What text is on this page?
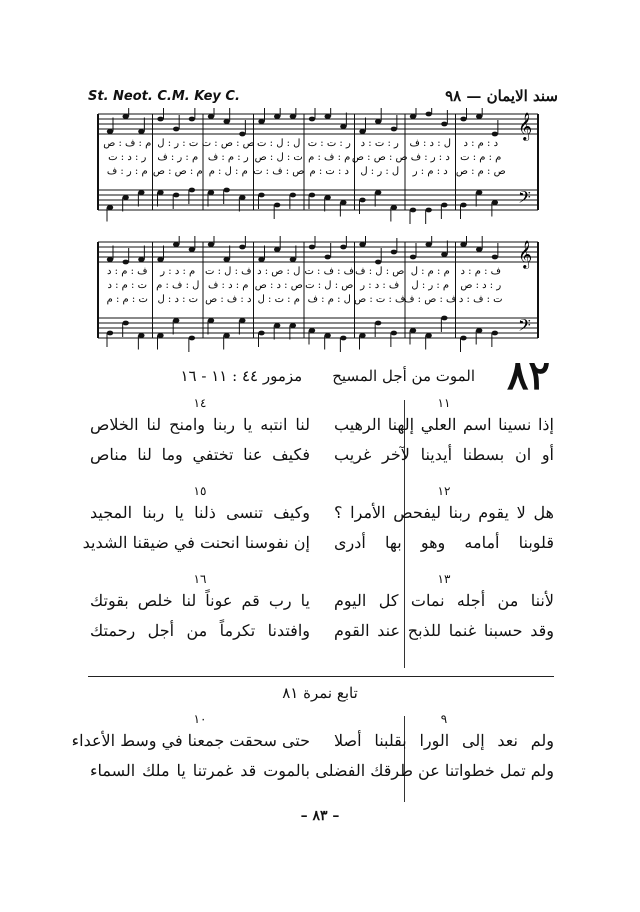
St. Neot. C.M. Key C.	سند الايمان — ٩٨
𝄞
𝄢
م : ف : ص
ر : د : ت
م : ر : ف
ت : ر : ل
م : ر : ف
م : ص : ص
ص : ص : ت
ر : م : ف
م : ل : م
ل : ل : ت
ت : ل : ص
ص : ف : ت
ر : ت : ت
م : ف : م
د : ت : م
ر : ت : د
ص : ص : ص
ل : ر : ل
ل : د : ف
د : ر : ف
د : م : ر
د : م : د
م : م : ت
ص : م : ص
𝄞
𝄢
ف : م : د
ت : م : د
ت : م : م
م : د : ر
ل : ف : م
ت : د : ل
ف : ل : ت
م : د : ف
د : ف : ص
ل : ص : د
ص : د : ص
م : ت : ل
ف : ف : ت
ص : ل : ت
ل : م : ف
ص : ل : ف
ف : د : ر
ف : ت : ص
م : م : ل
م : ر : ل
ف : ص : ف
ف : م : د
ر : د : ص
ت : ف : د
٨٢
الموت من أجل المسيح
مزمور ٤٤ : ١١ - ١٦
١١
إذا نسينا اسم العلي إلهنا الرهيب
أو ان بسطنا أيدينا لآخر غريب
١٢
هل لا يقوم ربنا ليفحص الأمرا ؟
قلوبنا أمامه وهو بها أدرى
١٣
لأننا من أجله نمات كل اليوم
وقد حسبنا غنما للذبح عند القوم
١٤
لنا انتبه يا ربنا وامنح لنا الخلاص
فكيف عنا تختفي وما لنا مناص
١٥
وكيف تنسى ذلنا يا ربنا المجيد
إن نفوسنا انحنت في ضيقنا الشديد
١٦
يا رب قم عوناً لنا خلص بقوتك
وافتدنا تكرماً من أجل رحمتك
تابع نمرة ٨١
٩
ولم نعد إلى الورا بقلبنا أصلا
ولم تمل خطواتنا عن طرقك الفضلى
١٠
حتى سحقت جمعنا في وسط الأعداء
بالموت قد غمرتنا يا ملك السماء
– ٨٣ –
